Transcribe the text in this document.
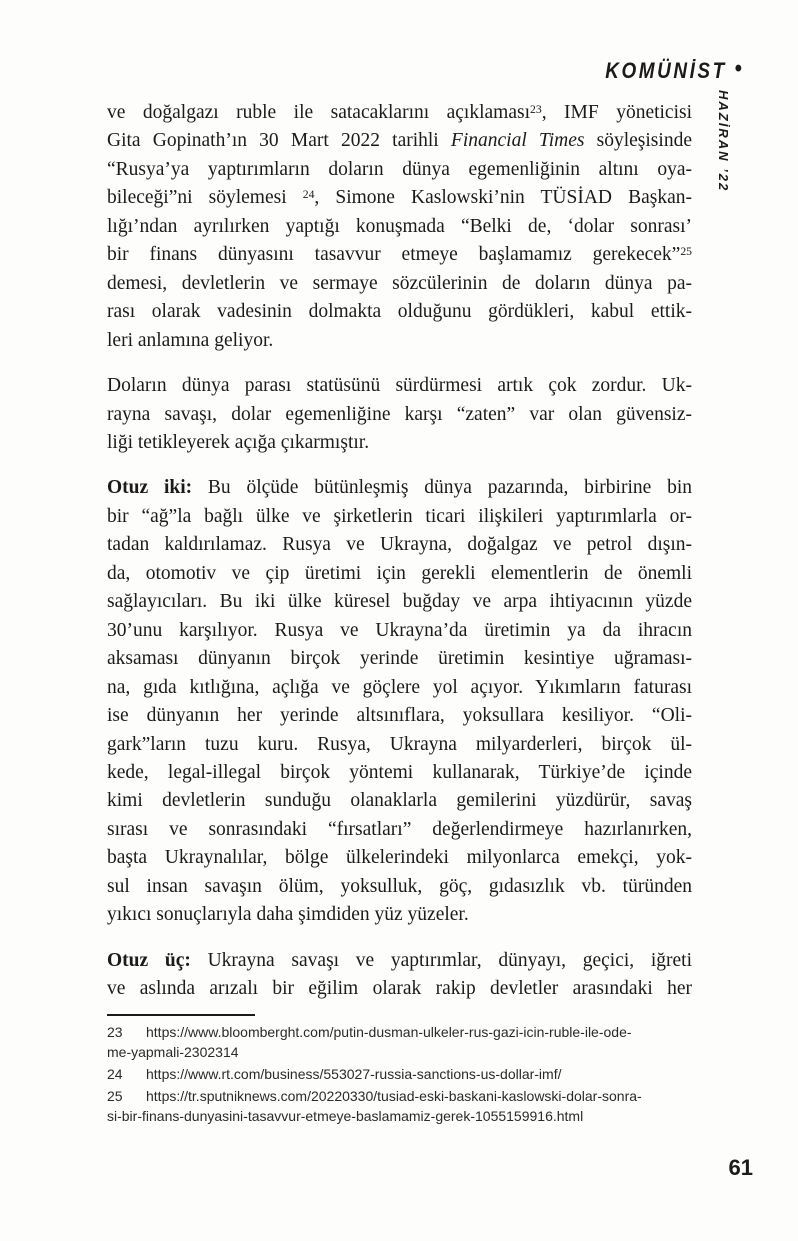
KOMÜNİST •
HAZİRAN ’22
ve doğalgazı ruble ile satacaklarını açıklaması$^{23}$, IMF yöneticisi
Gita Gopinath’ın 30 Mart 2022 tarihli Financial Times söyleşisinde
“Rusya’ya yaptırımların doların dünya egemenliğinin altını oya-
bileceği”ni söylemesi $^{24}$, Simone Kaslowski’nin TÜSİAD Başkan-
lığı’ndan ayrılırken yaptığı konuşmada “Belki de, ‘dolar sonrası’
bir finans dünyasını tasavvur etmeye başlamamız gerekecek”$^{25}$
demesi, devletlerin ve sermaye sözcülerinin de doların dünya pa-
rası olarak vadesinin dolmakta olduğunu gördükleri, kabul ettik-
leri anlamına geliyor.
Doların dünya parası statüsünü sürdürmesi artık çok zordur. Uk-
rayna savaşı, dolar egemenliğine karşı “zaten” var olan güvensiz-
liği tetikleyerek açığa çıkarmıştır.
Otuz iki: Bu ölçüde bütünleşmiş dünya pazarında, birbirine bin
bir “ağ”la bağlı ülke ve şirketlerin ticari ilişkileri yaptırımlarla or-
tadan kaldırılamaz. Rusya ve Ukrayna, doğalgaz ve petrol dışın-
da, otomotiv ve çip üretimi için gerekli elementlerin de önemli
sağlayıcıları. Bu iki ülke küresel buğday ve arpa ihtiyacının yüzde
30’unu karşılıyor. Rusya ve Ukrayna’da üretimin ya da ihracın
aksaması dünyanın birçok yerinde üretimin kesintiye uğraması-
na, gıda kıtlığına, açlığa ve göçlere yol açıyor. Yıkımların faturası
ise dünyanın her yerinde altsınıflara, yoksullara kesiliyor. “Oli-
gark”ların tuzu kuru. Rusya, Ukrayna milyarderleri, birçok ül-
kede, legal-illegal birçok yöntemi kullanarak, Türkiye’de içinde
kimi devletlerin sunduğu olanaklarla gemilerini yüzdürür, savaş
sırası ve sonrasındaki “fırsatları” değerlendirmeye hazırlanırken,
başta Ukraynalılar, bölge ülkelerindeki milyonlarca emekçi, yok-
sul insan savaşın ölüm, yoksulluk, göç, gıdasızlık vb. türünden
yıkıcı sonuçlarıyla daha şimdiden yüz yüzeler.
Otuz üç: Ukrayna savaşı ve yaptırımlar, dünyayı, geçici, iğreti
ve aslında arızalı bir eğilim olarak rakip devletler arasındaki her
23 https://www.bloomberght.com/putin-dusman-ulkeler-rus-gazi-icin-ruble-ile-ode-
me-yapmali-2302314
24 https://www.rt.com/business/553027-russia-sanctions-us-dollar-imf/
25 https://tr.sputniknews.com/20220330/tusiad-eski-baskani-kaslowski-dolar-sonra-
si-bir-finans-dunyasini-tasavvur-etmeye-baslamamiz-gerek-1055159916.html
61
